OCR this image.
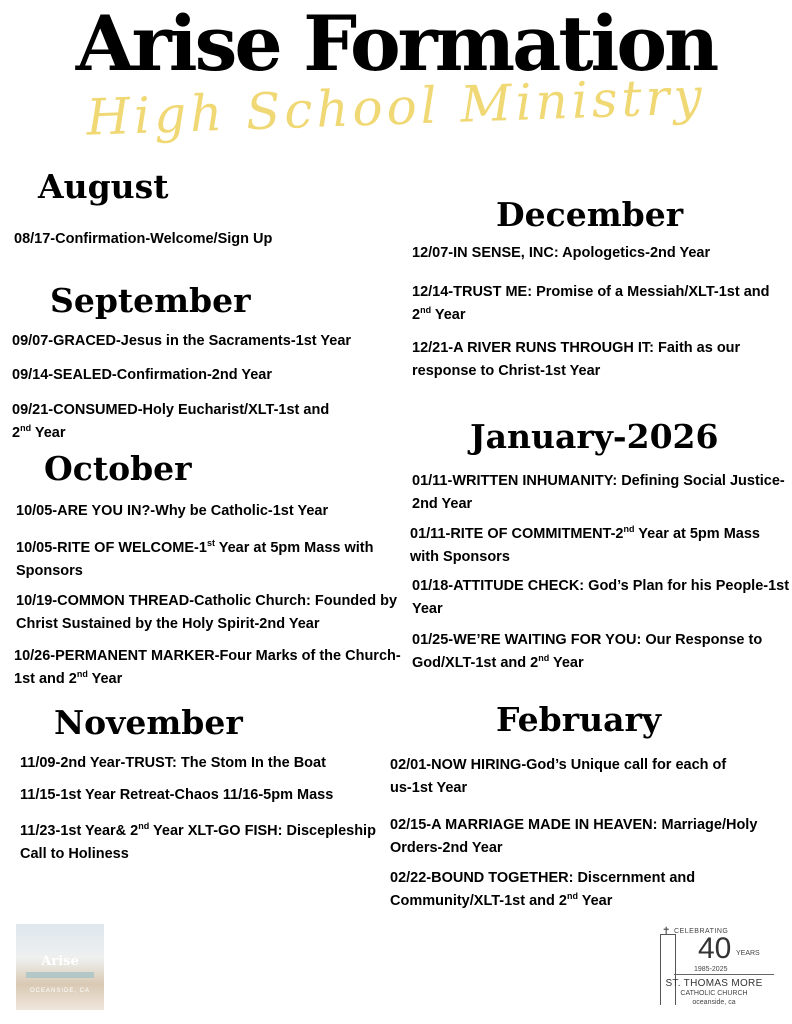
Arise Formation
High School Ministry
August
08/17-Confirmation-Welcome/Sign Up
September
09/07-GRACED-Jesus in the Sacraments-1st Year
09/14-SEALED-Confirmation-2nd Year
09/21-CONSUMED-Holy Eucharist/XLT-1st and
2nd Year
October
10/05-ARE YOU IN?-Why be Catholic-1st Year
10/05-RITE OF WELCOME-1st Year at 5pm Mass with
Sponsors
10/19-COMMON THREAD-Catholic Church: Founded by
Christ Sustained by the Holy Spirit-2nd Year
10/26-PERMANENT MARKER-Four Marks of the Church-
1st and 2nd Year
November
11/09-2nd Year-TRUST: The Stom In the Boat
11/15-1st Year Retreat-Chaos 11/16-5pm Mass
11/23-1st Year& 2nd Year XLT-GO FISH: Discepleship
Call to Holiness
December
12/07-IN SENSE, INC: Apologetics-2nd Year
12/14-TRUST ME: Promise of a Messiah/XLT-1st and
2nd Year
12/21-A RIVER RUNS THROUGH IT: Faith as our
response to Christ-1st Year
January-2026
01/11-WRITTEN INHUMANITY: Defining Social Justice-
2nd Year
01/11-RITE OF COMMITMENT-2nd Year at 5pm Mass
with Sponsors
01/18-ATTITUDE CHECK: God’s Plan for his People-1st
Year
01/25-WE’RE WAITING FOR YOU: Our Response to
God/XLT-1st and 2nd Year
February
02/01-NOW HIRING-God’s Unique call for each of
us-1st Year
02/15-A MARRIAGE MADE IN HEAVEN: Marriage/Holy
Orders-2nd Year
02/22-BOUND TOGETHER: Discernment and
Community/XLT-1st and 2nd Year
Arise
OCEANSIDE, CA
✝ CELEBRATING
40 YEARS
1985-2025
ST. THOMAS MORE
CATHOLIC CHURCH
oceanside, ca
